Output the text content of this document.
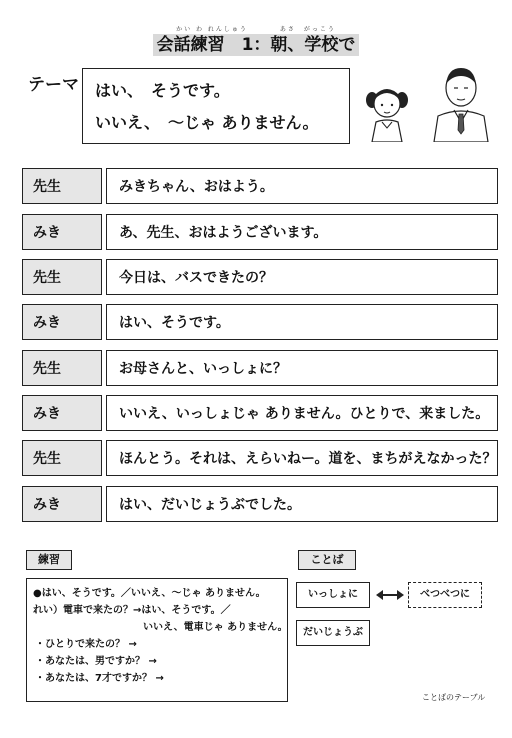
かい わ れんしゅう　　　　あさ　がっこう
会話練習　1：朝、学校で
テーマ はい、　そうです。
いいえ、　～じゃ ありません。
先生	みきちゃん、おはよう。
みき	あ、先生、おはようございます。
先生	今日は、バスできたの？
みき	はい、そうです。
先生	お母さんと、いっしょに？
みき	いいえ、いっしょじゃ ありません。ひとりで、来ました。
先生	ほんとう。それは、えらいねー。道を、まちがえなかった？
みき	はい、だいじょうぶでした。
練習
●はい、そうです。／いいえ、～じゃ ありません。
れい）電車で来たの？→はい、そうです。／
いいえ、電車じゃ ありません。
・ひとりで来たの？ →
・あなたは、男ですか？ →
・あなたは、7才ですか？ →
ことば
いっしょに	べつべつに
だいじょうぶ
ことばのテーブル
